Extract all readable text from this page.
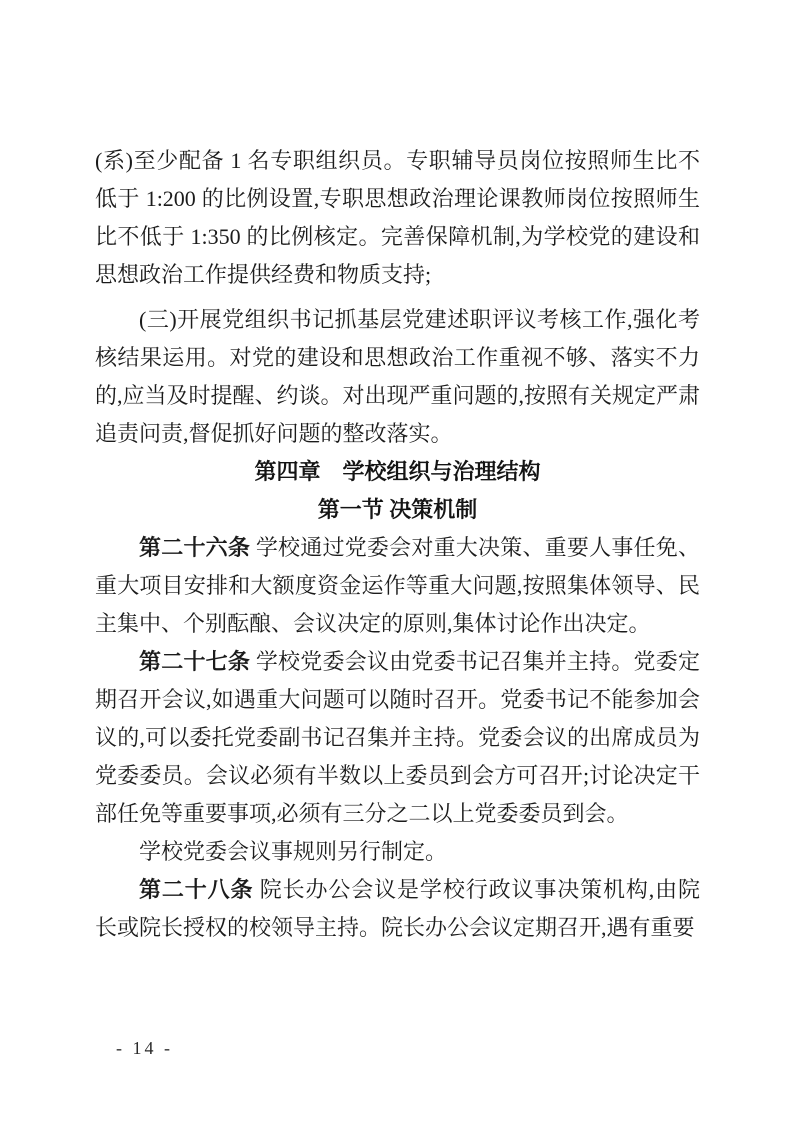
(系)至少配备 1 名专职组织员。专职辅导员岗位按照师生比不低于 1:200 的比例设置,专职思想政治理论课教师岗位按照师生比不低于 1:350 的比例核定。完善保障机制,为学校党的建设和思想政治工作提供经费和物质支持;

(三)开展党组织书记抓基层党建述职评议考核工作,强化考核结果运用。对党的建设和思想政治工作重视不够、落实不力的,应当及时提醒、约谈。对出现严重问题的,按照有关规定严肃追责问责,督促抓好问题的整改落实。

第四章　学校组织与治理结构
第一节 决策机制

第二十六条 学校通过党委会对重大决策、重要人事任免、重大项目安排和大额度资金运作等重大问题,按照集体领导、民主集中、个别酝酿、会议决定的原则,集体讨论作出决定。

第二十七条 学校党委会议由党委书记召集并主持。党委定期召开会议,如遇重大问题可以随时召开。党委书记不能参加会议的,可以委托党委副书记召集并主持。党委会议的出席成员为党委委员。会议必须有半数以上委员到会方可召开;讨论决定干部任免等重要事项,必须有三分之二以上党委委员到会。

学校党委会议事规则另行制定。

第二十八条 院长办公会议是学校行政议事决策机构,由院长或院长授权的校领导主持。院长办公会议定期召开,遇有重要

- 14 -
